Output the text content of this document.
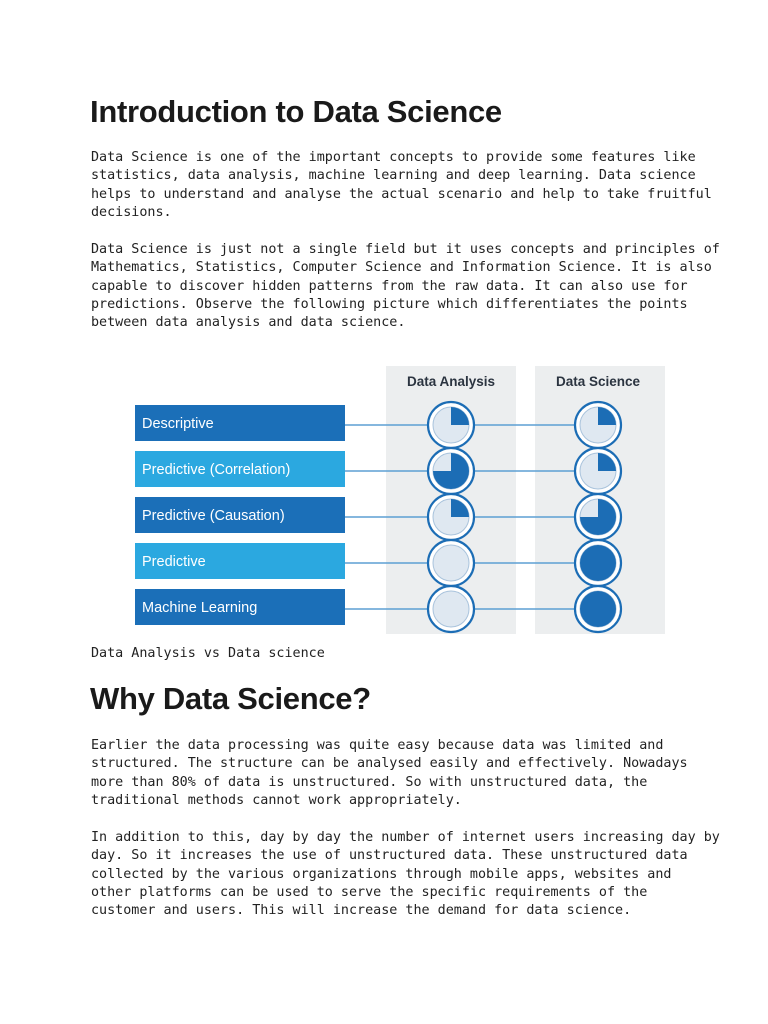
Introduction to Data Science
Data Science is one of the important concepts to provide some features like
statistics, data analysis, machine learning and deep learning. Data science
helps to understand and analyse the actual scenario and help to take fruitful
decisions.
Data Science is just not a single field but it uses concepts and principles of
Mathematics, Statistics, Computer Science and Information Science. It is also
capable to discover hidden patterns from the raw data. It can also use for
predictions. Observe the following picture which differentiates the points
between data analysis and data science.
Data Analysis	Data Science
Descriptive
Predictive (Correlation)
Predictive (Causation)
Predictive
Machine Learning

Data Analysis vs Data science

Why Data Science?
Earlier the data processing was quite easy because data was limited and
structured. The structure can be analysed easily and effectively. Nowadays
more than 80% of data is unstructured. So with unstructured data, the
traditional methods cannot work appropriately.
In addition to this, day by day the number of internet users increasing day by
day. So it increases the use of unstructured data. These unstructured data
collected by the various organizations through mobile apps, websites and
other platforms can be used to serve the specific requirements of the
customer and users. This will increase the demand for data science.
